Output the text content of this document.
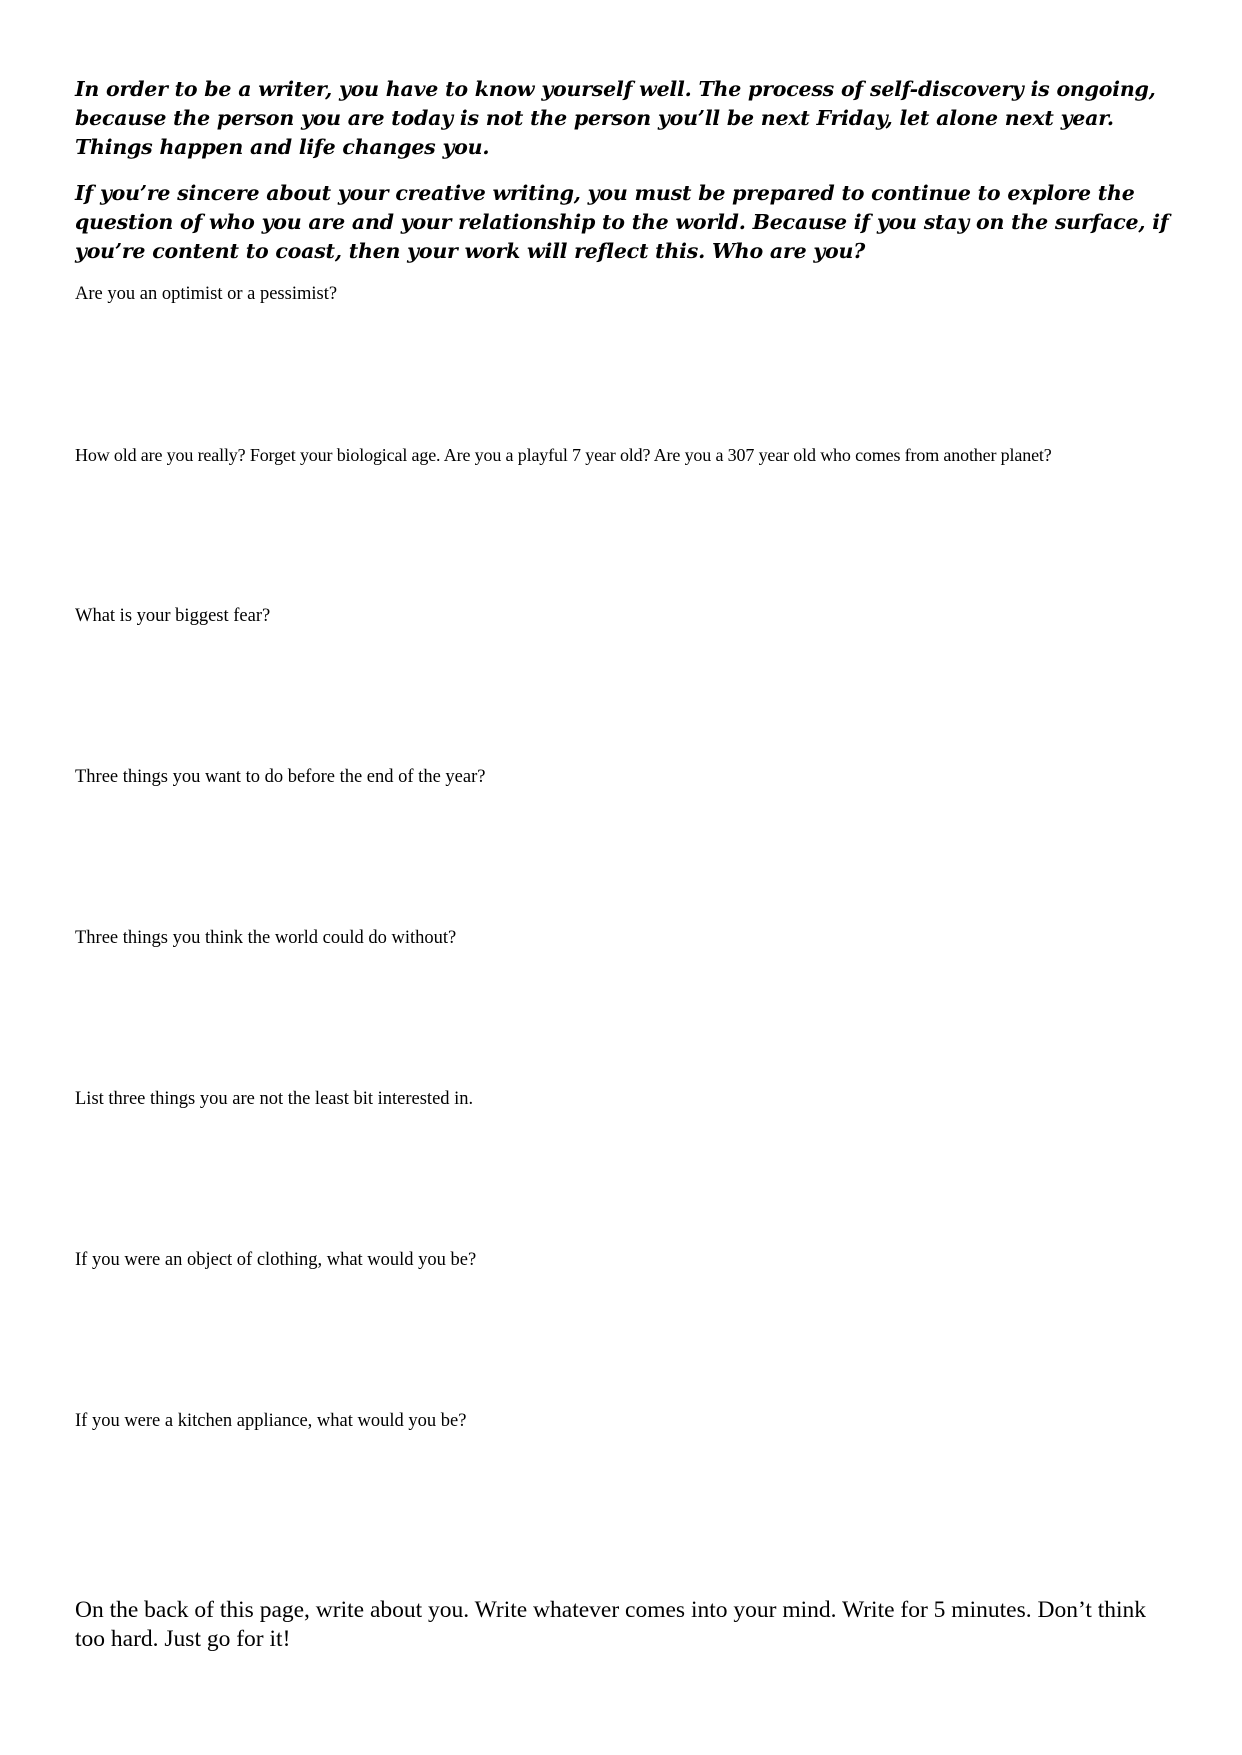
In order to be a writer, you have to know yourself well. The process of self-discovery is ongoing, because the person you are today is not the person you’ll be next Friday, let alone next year. Things happen and life changes you.

If you’re sincere about your creative writing, you must be prepared to continue to explore the question of who you are and your relationship to the world. Because if you stay on the surface, if you’re content to coast, then your work will reflect this. Who are you?

Are you an optimist or a pessimist?

How old are you really? Forget your biological age. Are you a playful 7 year old? Are you a 307 year old who comes from another planet?

What is your biggest fear?

Three things you want to do before the end of the year?

Three things you think the world could do without?

List three things you are not the least bit interested in.

If you were an object of clothing, what would you be?

If you were a kitchen appliance, what would you be?

On the back of this page, write about you. Write whatever comes into your mind. Write for 5 minutes. Don’t think too hard. Just go for it!
